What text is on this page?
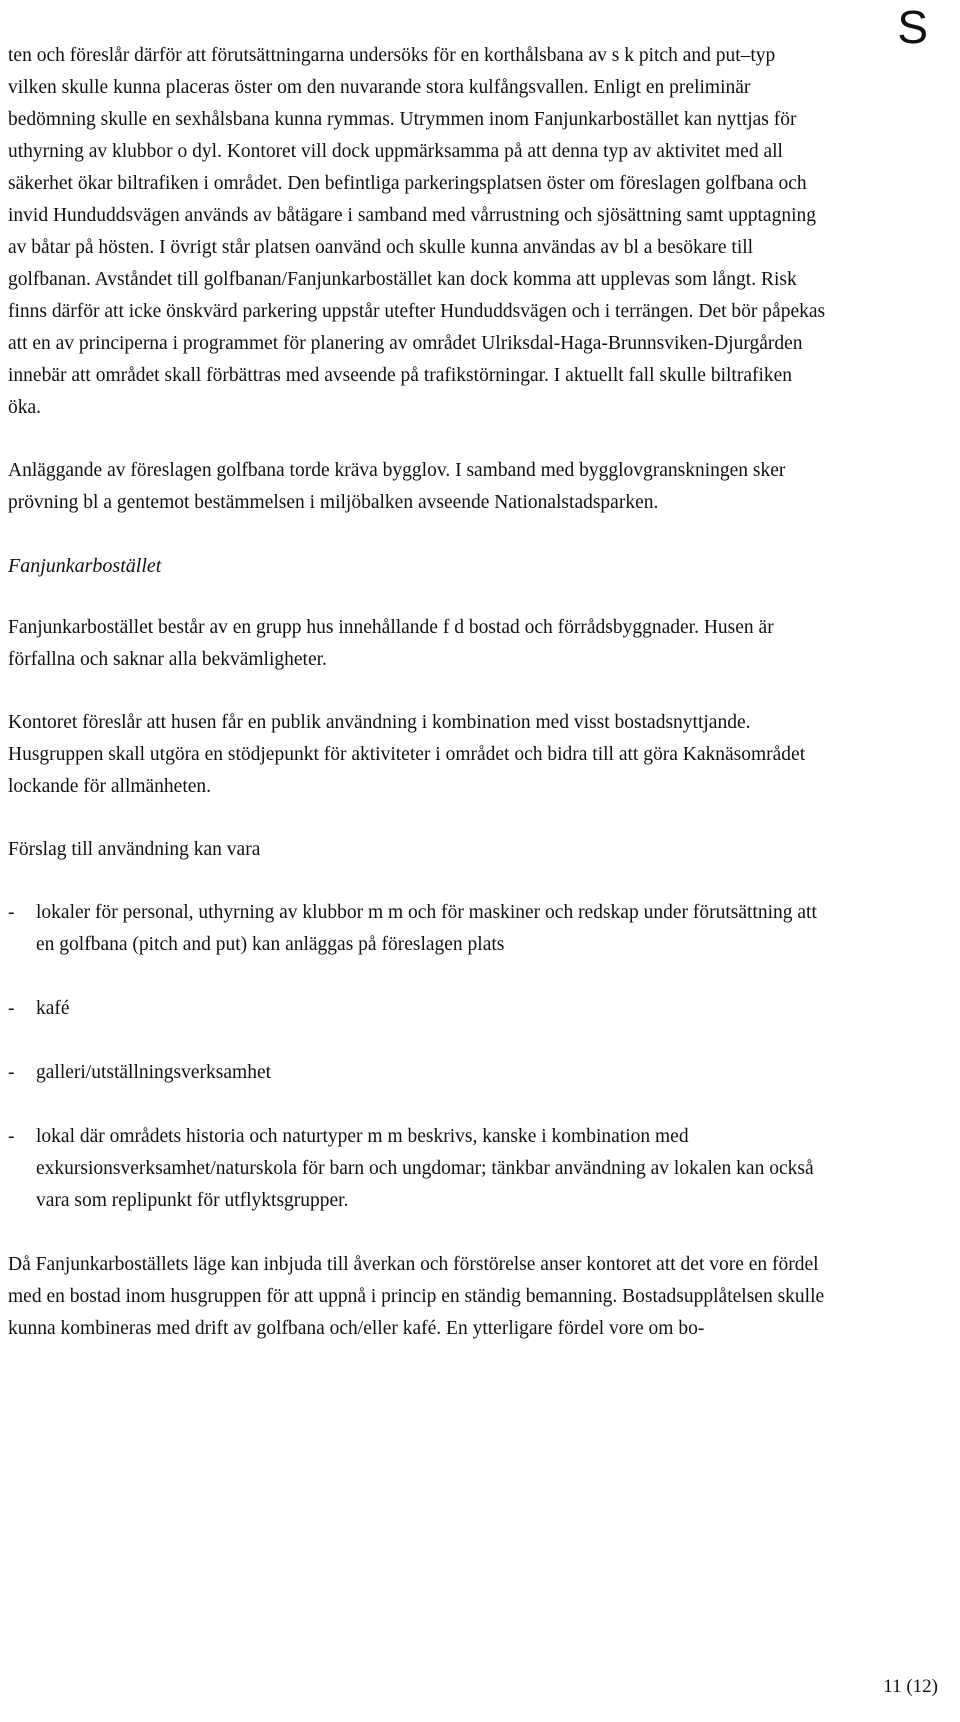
S

ten och föreslår därför att förutsättningarna undersöks för en korthålsbana av s k pitch and put–typ vilken skulle kunna placeras öster om den nuvarande stora kulfångsvallen. Enligt en preliminär bedömning skulle en sexhålsbana kunna rymmas. Utrymmen inom Fanjunkarbostället kan nyttjas för uthyrning av klubbor o dyl. Kontoret vill dock uppmärksamma på att denna typ av aktivitet med all säkerhet ökar biltrafiken i området. Den befintliga parkeringsplatsen öster om föreslagen golfbana och invid Hunduddsvägen används av båtägare i samband med vårrustning och sjösättning samt upptagning av båtar på hösten. I övrigt står platsen oanvänd och skulle kunna användas av bl a besökare till golfbanan. Avståndet till golfbanan/Fanjunkarbostället kan dock komma att upplevas som långt. Risk finns därför att icke önskvärd parkering uppstår utefter Hunduddsvägen och i terrängen. Det bör påpekas att en av principerna i programmet för planering av området Ulriksdal-Haga-Brunnsviken-Djurgården innebär att området skall förbättras med avseende på trafikstörningar. I aktuellt fall skulle biltrafiken öka.

Anläggande av föreslagen golfbana torde kräva bygglov. I samband med bygglovgranskningen sker prövning bl a gentemot bestämmelsen i miljöbalken avseende Nationalstadsparken.

Fanjunkarbostället

Fanjunkarbostället består av en grupp hus innehållande f d bostad och förrådsbyggnader. Husen är förfallna och saknar alla bekvämligheter.

Kontoret föreslår att husen får en publik användning i kombination med visst bostadsnyttjande. Husgruppen skall utgöra en stödjepunkt för aktiviteter i området och bidra till att göra Kaknäsområdet lockande för allmänheten.

Förslag till användning kan vara

- lokaler för personal, uthyrning av klubbor m m och för maskiner och redskap under förutsättning att en golfbana (pitch and put) kan anläggas på föreslagen plats
- kafé
- galleri/utställningsverksamhet
- lokal där områdets historia och naturtyper m m beskrivs, kanske i kombination med exkursionsverksamhet/naturskola för barn och ungdomar; tänkbar användning av lokalen kan också vara som replipunkt för utflyktsgrupper.

Då Fanjunkarboställets läge kan inbjuda till åverkan och förstörelse anser kontoret att det vore en fördel med en bostad inom husgruppen för att uppnå i princip en ständig bemanning. Bostadsupplåtelsen skulle kunna kombineras med drift av golfbana och/eller kafé. En ytterligare fördel vore om bo-

11 (12)
